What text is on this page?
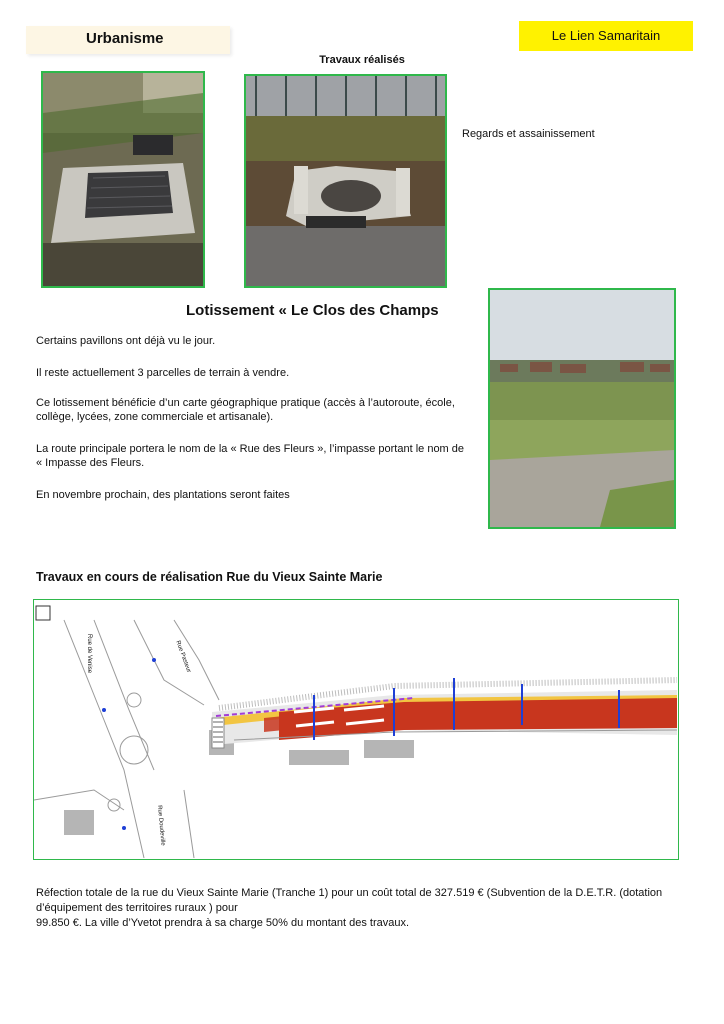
Urbanisme	Le Lien Samaritain
Travaux réalisés
Regards et assainissement
Lotissement « Le Clos des Champs
Certains pavillons ont déjà vu le jour.
Il reste actuellement 3 parcelles de terrain à vendre.
Ce lotissement bénéficie d’un carte géographique pratique (accès à l’autoroute, école, collège, lycées, zone commerciale et artisanale).
La route principale portera le nom de la « Rue des Fleurs », l’impasse portant le nom de « Impasse des Fleurs.
En novembre prochain, des plantations seront faites
Travaux en cours de réalisation Rue du Vieux Sainte Marie
Rue de Venise	Rue Pasteur
Rue Doudeville
Réfection totale de la rue du Vieux Sainte Marie (Tranche 1) pour un coût total de 327.519 € (Subvention de la D.E.T.R. (dotation d’équipement des territoires ruraux ) pour
99.850 €. La ville d’Yvetot prendra à sa charge 50% du montant des travaux.
